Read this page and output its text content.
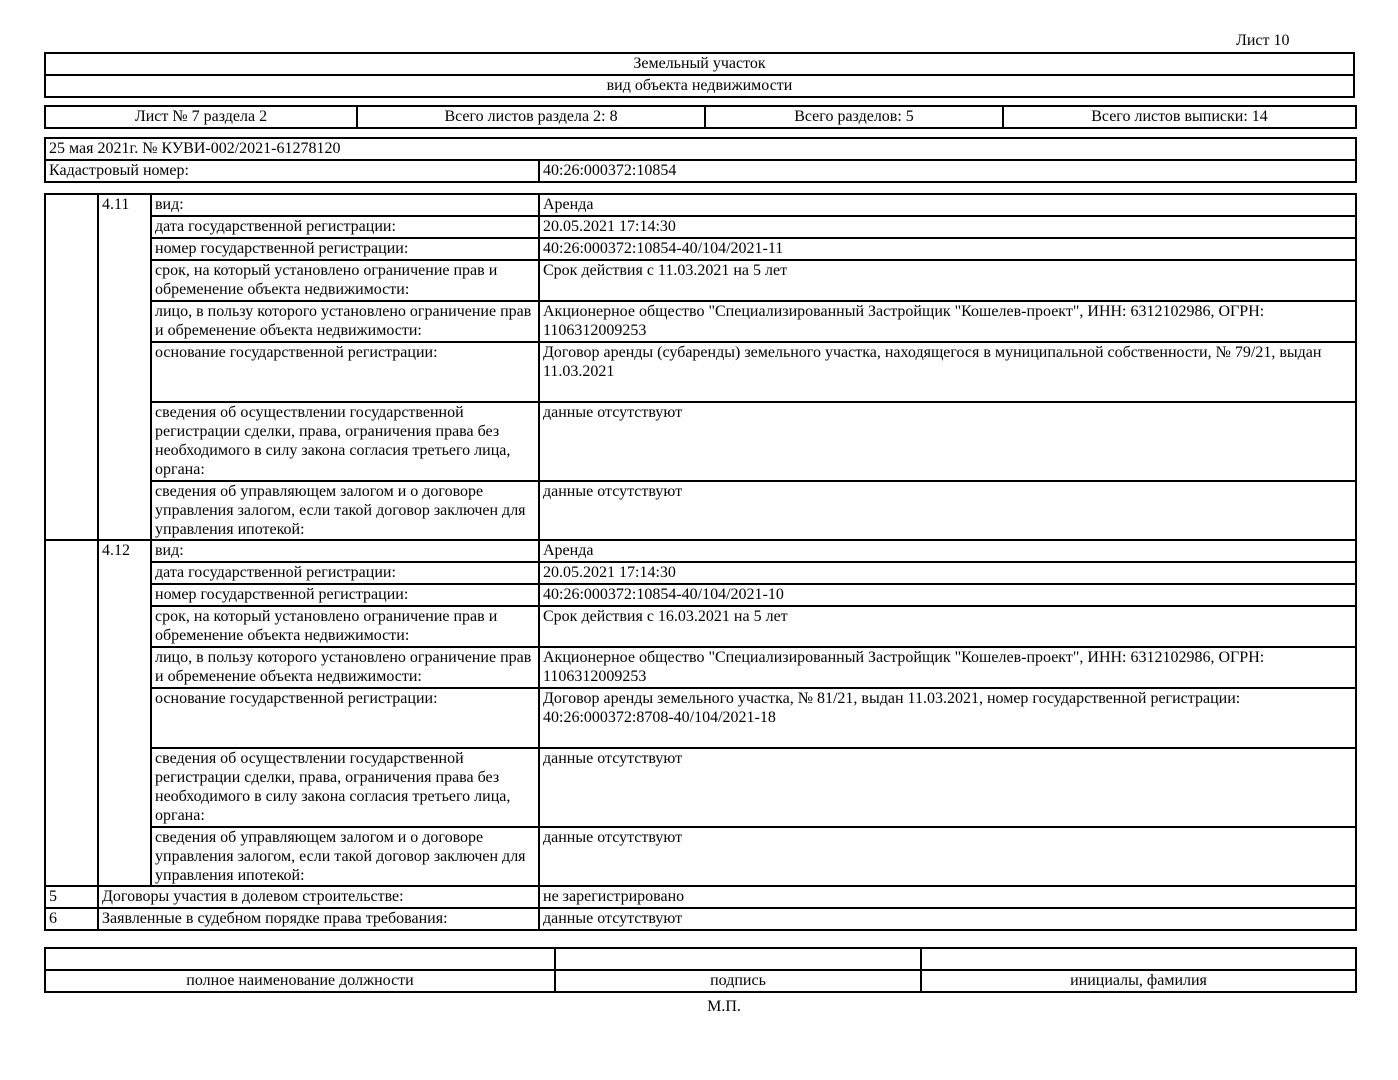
Лист 10
Земельный участок
вид объекта недвижимости
Лист № 7 раздела 2	Всего листов раздела 2: 8	Всего разделов: 5	Всего листов выписки: 14
25 мая 2021г. № КУВИ-002/2021-61278120
Кадастровый номер:	40:26:000372:10854
	4.11	вид:	Аренда
		дата государственной регистрации:	20.05.2021 17:14:30
		номер государственной регистрации:	40:26:000372:10854-40/104/2021-11
		срок, на который установлено ограничение прав и обременение объекта недвижимости:	Срок действия с 11.03.2021 на 5 лет
		лицо, в пользу которого установлено ограничение прав и обременение объекта недвижимости:	Акционерное общество "Специализированный Застройщик "Кошелев-проект", ИНН: 6312102986, ОГРН: 1106312009253
		основание государственной регистрации:	Договор аренды (субаренды) земельного участка, находящегося в муниципальной собственности, № 79/21, выдан 11.03.2021
		сведения об осуществлении государственной регистрации сделки, права, ограничения права без необходимого в силу закона согласия третьего лица, органа:	данные отсутствуют
		сведения об управляющем залогом и о договоре управления залогом, если такой договор заключен для управления ипотекой:	данные отсутствуют
	4.12	вид:	Аренда
		дата государственной регистрации:	20.05.2021 17:14:30
		номер государственной регистрации:	40:26:000372:10854-40/104/2021-10
		срок, на который установлено ограничение прав и обременение объекта недвижимости:	Срок действия с 16.03.2021 на 5 лет
		лицо, в пользу которого установлено ограничение прав и обременение объекта недвижимости:	Акционерное общество "Специализированный Застройщик "Кошелев-проект", ИНН: 6312102986, ОГРН: 1106312009253
		основание государственной регистрации:	Договор аренды земельного участка, № 81/21, выдан 11.03.2021, номер государственной регистрации: 40:26:000372:8708-40/104/2021-18
		сведения об осуществлении государственной регистрации сделки, права, ограничения права без необходимого в силу закона согласия третьего лица, органа:	данные отсутствуют
		сведения об управляющем залогом и о договоре управления залогом, если такой договор заключен для управления ипотекой:	данные отсутствуют
5	Договоры участия в долевом строительстве:		не зарегистрировано
6	Заявленные в судебном порядке права требования:		данные отсутствуют

полное наименование должности	подпись	инициалы, фамилия
М.П.
